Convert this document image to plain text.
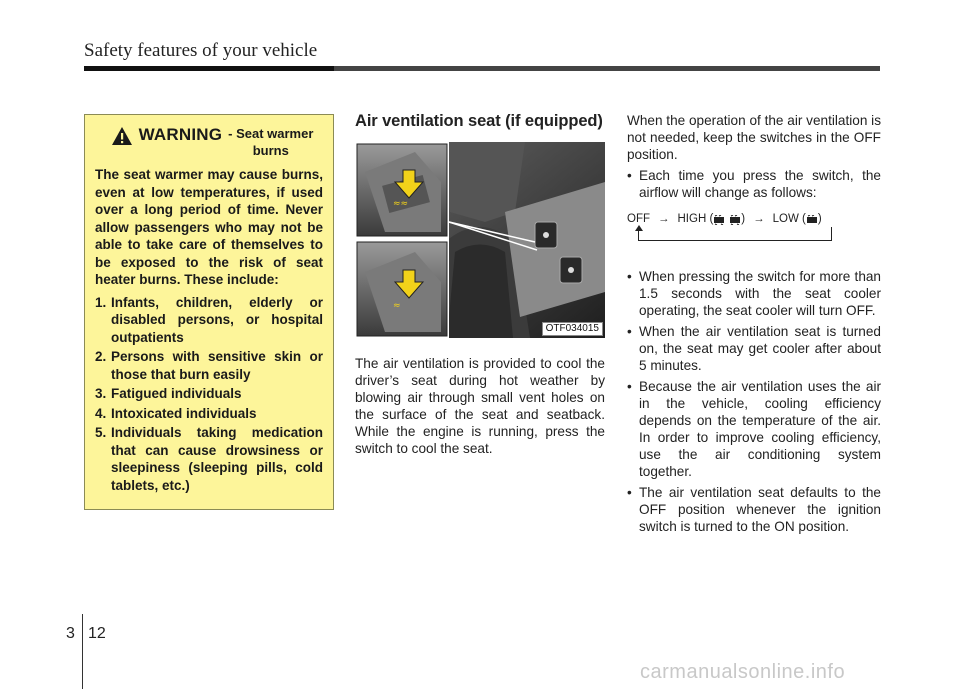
Safety features of your vehicle
WARNING - Seat warmer
burns

The seat warmer may cause burns, even at low temperatures, if used over a long period of time. Never allow passengers who may not be able to take care of themselves to be exposed to the risk of seat heater burns. These include:

1. Infants, children, elderly or disabled persons, or hospital outpatients
2. Persons with sensitive skin or those that burn easily
3. Fatigued individuals
4. Intoxicated individuals
5. Individuals taking medication that can cause drowsiness or sleepiness (sleeping pills, cold tablets, etc.)
Air ventilation seat (if equipped)
≈≈
≈
OTF034015

The air ventilation is provided to cool the driver’s seat during hot weather by blowing air through small vent holes on the surface of the seat and seatback. While the engine is running, press the switch to cool the seat.

When the operation of the air ventilation is not needed, keep the switches in the OFF position.

• Each time you press the switch, the airflow will change as follows:
OFF → HIGH ( ) → LOW ( )
• When pressing the switch for more than 1.5 seconds with the seat cooler operating, the seat cooler will turn OFF.
• When the air ventilation seat is turned on, the seat may get cooler after about 5 minutes.
• Because the air ventilation uses the air in the vehicle, cooling efficiency depends on the temperature of the air. In order to improve cooling efficiency, use the air conditioning system together.
• The air ventilation seat defaults to the OFF position whenever the ignition switch is turned to the ON position.
3 12
carmanualsonline.info
